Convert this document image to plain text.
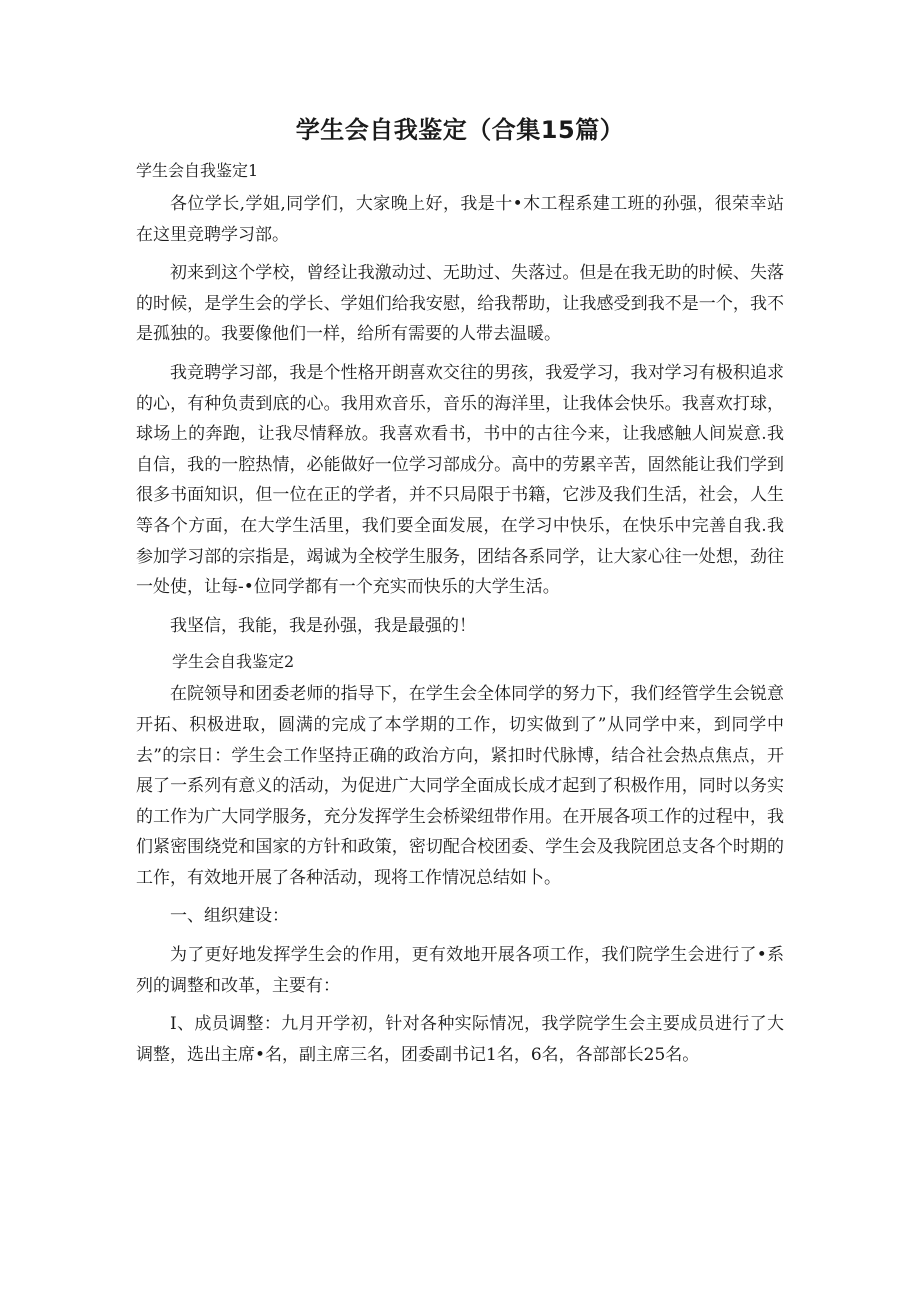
学生会自我鉴定（合集15篇）
学生会自我鉴定1

各位学长,学姐,同学们，大家晚上好，我是十•木工程系建工班的孙强，很荣幸站在这里竞聘学习部。

初来到这个学校，曾经让我激动过、无助过、失落过。但是在我无助的时候、失落的时候，是学生会的学长、学姐们给我安慰，给我帮助，让我感受到我不是一个，我不是孤独的。我要像他们一样，给所有需要的人带去温暖。

我竞聘学习部，我是个性格开朗喜欢交往的男孩，我爱学习，我对学习有极积追求的心，有种负责到底的心。我用欢音乐，音乐的海洋里，让我体会快乐。我喜欢打球，球场上的奔跑，让我尽情释放。我喜欢看书，书中的古往今来，让我感触人间炭意.我自信，我的一腔热情，必能做好一位学习部成分。高中的劳累辛苦，固然能让我们学到很多书面知识，但一位在正的学者，并不只局限于书籍，它涉及我们生活，社会，人生等各个方面，在大学生活里，我们要全面发展，在学习中快乐，在快乐中完善自我.我参加学习部的宗指是，竭诚为全校学生服务，团结各系同学，让大家心往一处想，劲往一处使，让每-•位同学都有一个充实而快乐的大学生活。

我坚信，我能，我是孙强，我是最强的！

学生会自我鉴定2

在院领导和团委老师的指导下，在学生会全体同学的努力下，我们经管学生会锐意开拓、积极进取，圆满的完成了本学期的工作，切实做到了”从同学中来，到同学中去”的宗日：学生会工作坚持正确的政治方向，紧扣时代脉博，结合社会热点焦点，开展了一系列有意义的活动，为促进广大同学全面成长成才起到了积极作用，同时以务实的工作为广大同学服务，充分发挥学生会桥梁纽带作用。在开展各项工作的过程中，我们紧密围绕党和国家的方针和政策，密切配合校团委、学生会及我院团总支各个时期的工作，有效地开展了各种活动，现将工作情况总结如卜。

一、组织建设：

为了更好地发挥学生会的作用，更有效地开展各项工作，我们院学生会进行了•系列的调整和改革，主要有：

I、成员调整：九月开学初，针对各种实际情况，我学院学生会主要成员进行了大调整，选出主席•名，副主席三名，团委副书记1名，6名，各部部长25名。
